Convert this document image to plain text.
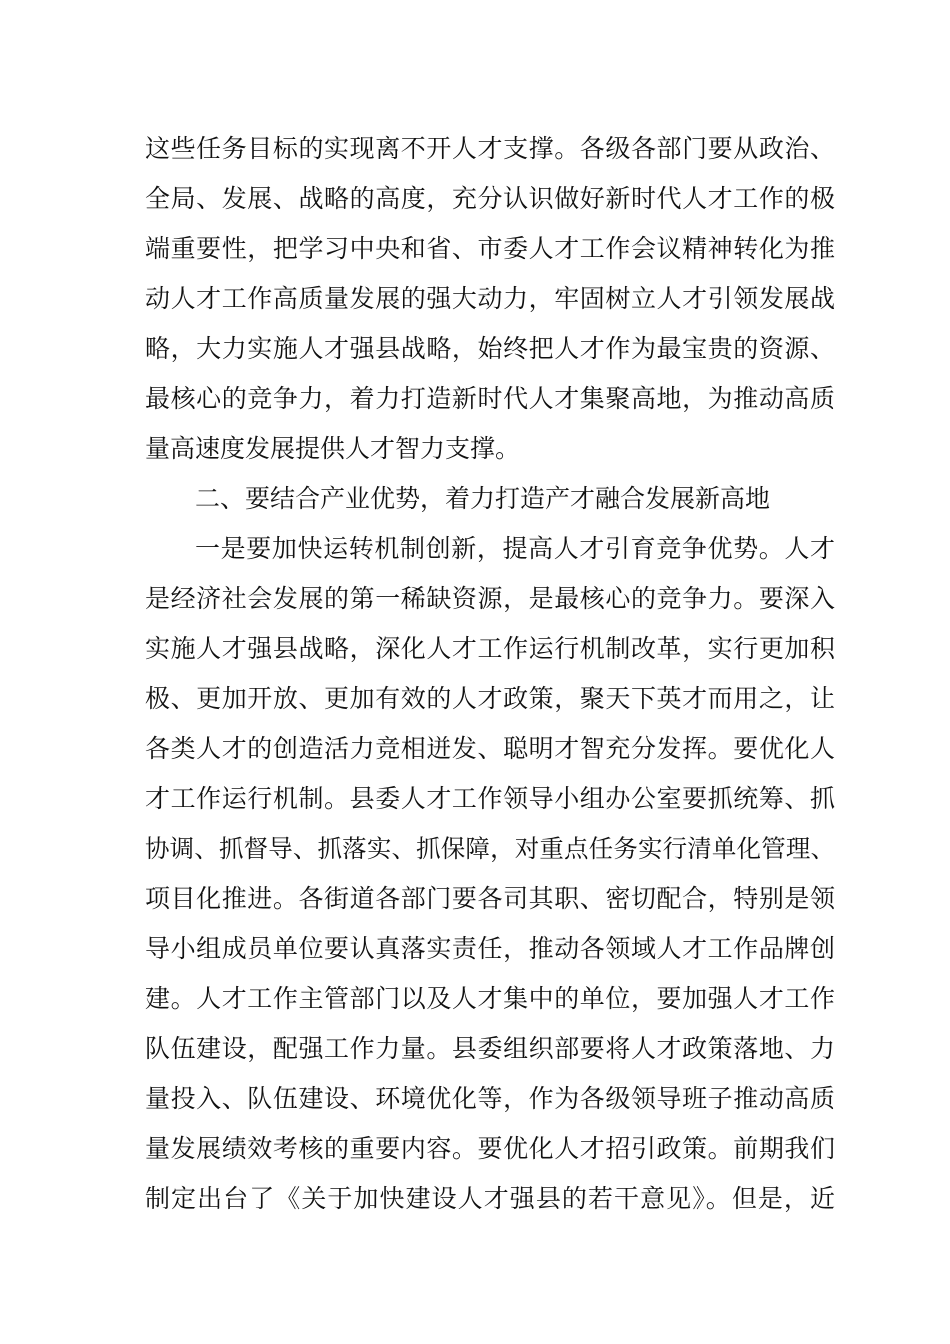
这些任务目标的实现离不开人才支撑。各级各部门要从政治、
全局、发展、战略的高度，充分认识做好新时代人才工作的极
端重要性，把学习中央和省、市委人才工作会议精神转化为推
动人才工作高质量发展的强大动力，牢固树立人才引领发展战
略，大力实施人才强县战略，始终把人才作为最宝贵的资源、
最核心的竞争力，着力打造新时代人才集聚高地，为推动高质
量高速度发展提供人才智力支撑。
二、要结合产业优势，着力打造产才融合发展新高地
一是要加快运转机制创新，提高人才引育竞争优势。人才
是经济社会发展的第一稀缺资源，是最核心的竞争力。要深入
实施人才强县战略，深化人才工作运行机制改革，实行更加积
极、更加开放、更加有效的人才政策，聚天下英才而用之，让
各类人才的创造活力竞相迸发、聪明才智充分发挥。要优化人
才工作运行机制。县委人才工作领导小组办公室要抓统筹、抓
协调、抓督导、抓落实、抓保障，对重点任务实行清单化管理、
项目化推进。各街道各部门要各司其职、密切配合，特别是领
导小组成员单位要认真落实责任，推动各领域人才工作品牌创
建。人才工作主管部门以及人才集中的单位，要加强人才工作
队伍建设，配强工作力量。县委组织部要将人才政策落地、力
量投入、队伍建设、环境优化等，作为各级领导班子推动高质
量发展绩效考核的重要内容。要优化人才招引政策。前期我们
制定出台了《关于加快建设人才强县的若干意见》。但是，近
